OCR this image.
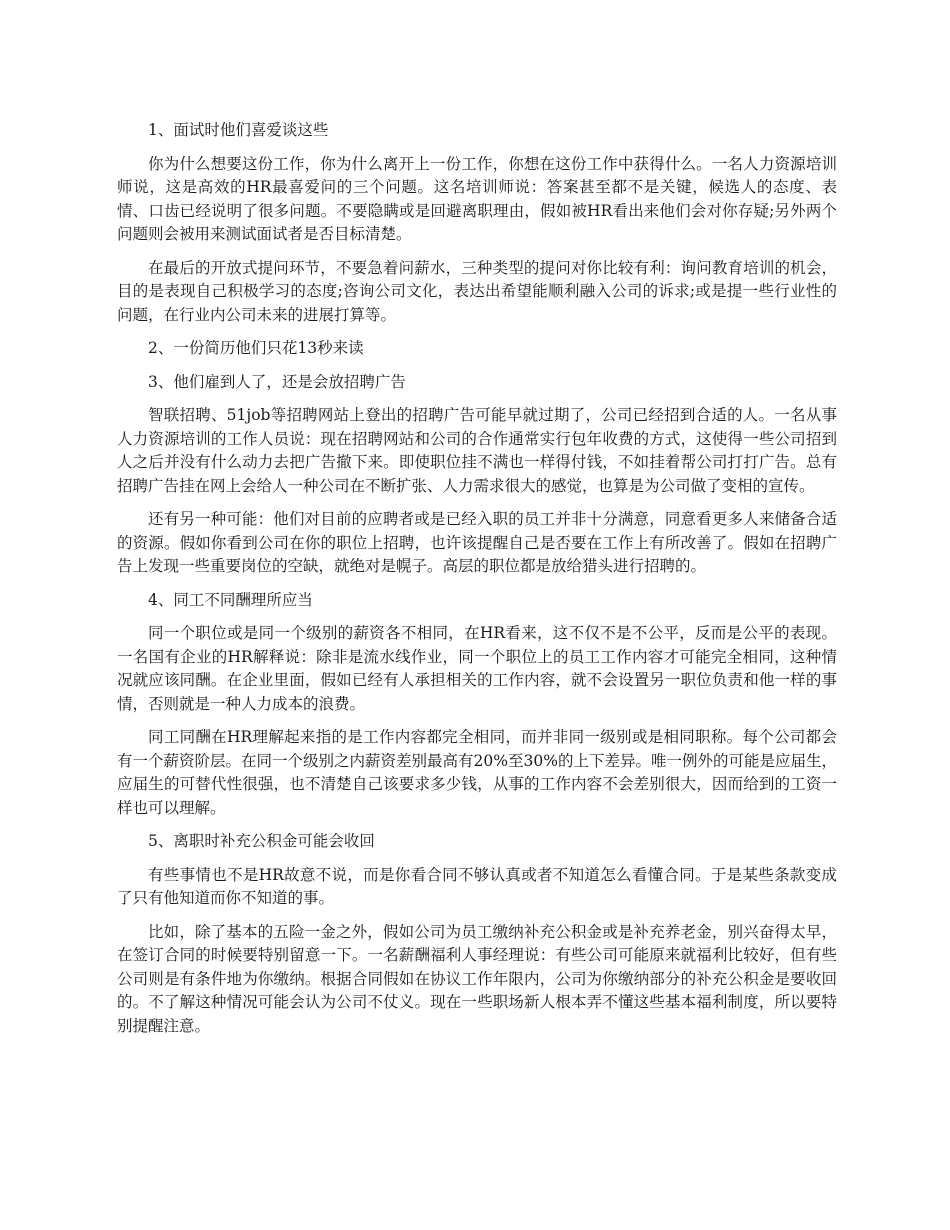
1、面试时他们喜爱谈这些

你为什么想要这份工作，你为什么离开上一份工作，你想在这份工作中获得什么。一名人力资源培训师说，这是高效的HR最喜爱问的三个问题。这名培训师说：答案甚至都不是关键，候选人的态度、表情、口齿已经说明了很多问题。不要隐瞒或是回避离职理由，假如被HR看出来他们会对你存疑;另外两个问题则会被用来测试面试者是否目标清楚。

在最后的开放式提问环节，不要急着问薪水，三种类型的提问对你比较有利：询问教育培训的机会，目的是表现自己积极学习的态度;咨询公司文化，表达出希望能顺利融入公司的诉求;或是提一些行业性的问题，在行业内公司未来的进展打算等。

2、一份简历他们只花13秒来读

3、他们雇到人了，还是会放招聘广告

智联招聘、51job等招聘网站上登出的招聘广告可能早就过期了，公司已经招到合适的人。一名从事人力资源培训的工作人员说：现在招聘网站和公司的合作通常实行包年收费的方式，这使得一些公司招到人之后并没有什么动力去把广告撤下来。即使职位挂不满也一样得付钱，不如挂着帮公司打打广告。总有招聘广告挂在网上会给人一种公司在不断扩张、人力需求很大的感觉，也算是为公司做了变相的宣传。

还有另一种可能：他们对目前的应聘者或是已经入职的员工并非十分满意，同意看更多人来储备合适的资源。假如你看到公司在你的职位上招聘，也许该提醒自己是否要在工作上有所改善了。假如在招聘广告上发现一些重要岗位的空缺，就绝对是幌子。高层的职位都是放给猎头进行招聘的。

4、同工不同酬理所应当

同一个职位或是同一个级别的薪资各不相同，在HR看来，这不仅不是不公平，反而是公平的表现。一名国有企业的HR解释说：除非是流水线作业，同一个职位上的员工工作内容才可能完全相同，这种情况就应该同酬。在企业里面，假如已经有人承担相关的工作内容，就不会设置另一职位负责和他一样的事情，否则就是一种人力成本的浪费。

同工同酬在HR理解起来指的是工作内容都完全相同，而并非同一级别或是相同职称。每个公司都会有一个薪资阶层。在同一个级别之内薪资差别最高有20%至30%的上下差异。唯一例外的可能是应届生，应届生的可替代性很强，也不清楚自己该要求多少钱，从事的工作内容不会差别很大，因而给到的工资一样也可以理解。

5、离职时补充公积金可能会收回

有些事情也不是HR故意不说，而是你看合同不够认真或者不知道怎么看懂合同。于是某些条款变成了只有他知道而你不知道的事。

比如，除了基本的五险一金之外，假如公司为员工缴纳补充公积金或是补充养老金，别兴奋得太早，在签订合同的时候要特别留意一下。一名薪酬福利人事经理说：有些公司可能原来就福利比较好，但有些公司则是有条件地为你缴纳。根据合同假如在协议工作年限内，公司为你缴纳部分的补充公积金是要收回的。不了解这种情况可能会认为公司不仗义。现在一些职场新人根本弄不懂这些基本福利制度，所以要特别提醒注意。
